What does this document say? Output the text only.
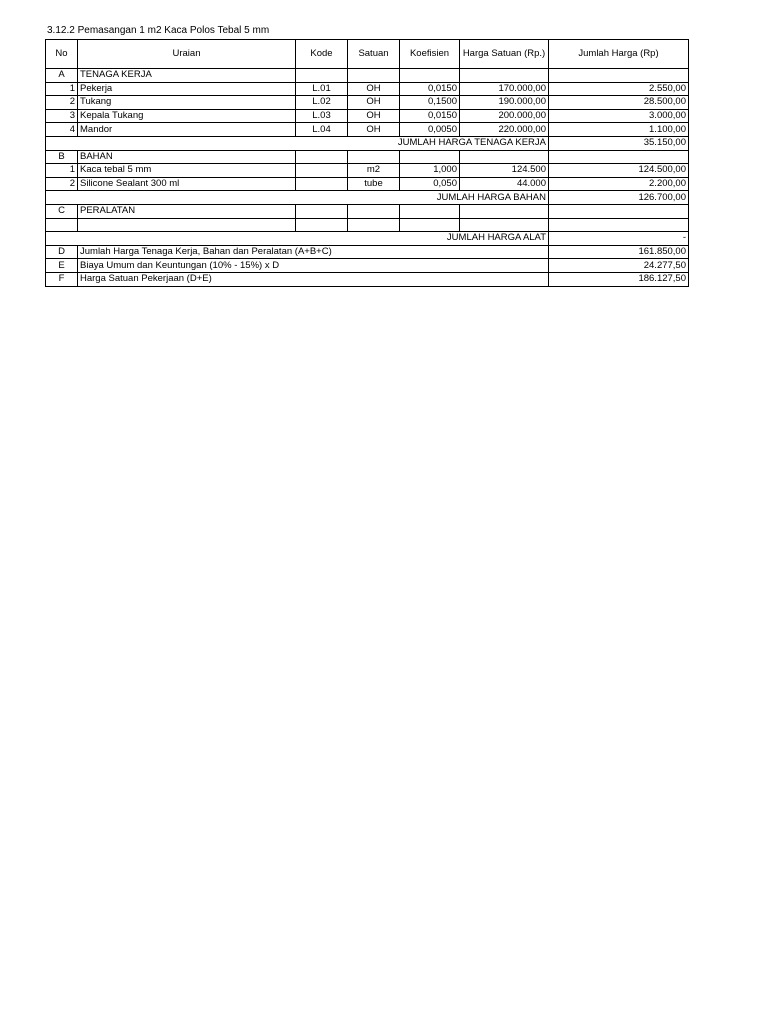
3.12.2 Pemasangan 1 m2 Kaca Polos Tebal 5 mm
No	Uraian	Kode	Satuan	Koefisien	Harga Satuan (Rp.)	Jumlah Harga (Rp)
A	TENAGA KERJA					
1	Pekerja	L.01	OH	0,0150	170.000,00	2.550,00
2	Tukang	L.02	OH	0,1500	190.000,00	28.500,00
3	Kepala Tukang	L.03	OH	0,0150	200.000,00	3.000,00
4	Mandor	L.04	OH	0,0050	220.000,00	1.100,00
JUMLAH HARGA TENAGA KERJA						35.150,00
B	BAHAN					
1	Kaca tebal 5 mm		m2	1,000	124.500	124.500,00
2	Silicone Sealant 300 ml		tube	0,050	44.000	2.200,00
JUMLAH HARGA BAHAN						126.700,00
C	PERALATAN					

JUMLAH HARGA ALAT						-
D	Jumlah Harga Tenaga Kerja, Bahan dan Peralatan (A+B+C)					161.850,00
E	Biaya Umum dan Keuntungan (10% - 15%) x D					24.277,50
F	Harga Satuan Pekerjaan (D+E)					186.127,50
